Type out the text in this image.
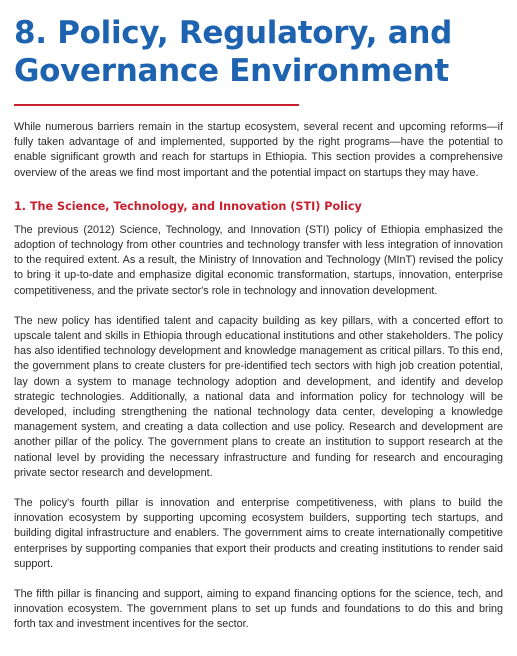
8. Policy, Regulatory, and Governance Environment

While numerous barriers remain in the startup ecosystem, several recent and upcoming reforms—if fully taken advantage of and implemented, supported by the right programs—have the potential to enable significant growth and reach for startups in Ethiopia. This section provides a comprehensive overview of the areas we find most important and the potential impact on startups they may have.

1. The Science, Technology, and Innovation (STI) Policy

The previous (2012) Science, Technology, and Innovation (STI) policy of Ethiopia emphasized the adoption of technology from other countries and technology transfer with less integration of innovation to the required extent. As a result, the Ministry of Innovation and Technology (MInT) revised the policy to bring it up-to-date and emphasize digital economic transformation, startups, innovation, enterprise competitiveness, and the private sector's role in technology and innovation development.

The new policy has identified talent and capacity building as key pillars, with a concerted effort to upscale talent and skills in Ethiopia through educational institutions and other stakeholders. The policy has also identified technology development and knowledge management as critical pillars. To this end, the government plans to create clusters for pre-identified tech sectors with high job creation potential, lay down a system to manage technology adoption and development, and identify and develop strategic technologies. Additionally, a national data and information policy for technology will be developed, including strengthening the national technology data center, developing a knowledge management system, and creating a data collection and use policy. Research and development are another pillar of the policy. The government plans to create an institution to support research at the national level by providing the necessary infrastructure and funding for research and encouraging private sector research and development.

The policy's fourth pillar is innovation and enterprise competitiveness, with plans to build the innovation ecosystem by supporting upcoming ecosystem builders, supporting tech startups, and building digital infrastructure and enablers. The government aims to create internationally competitive enterprises by supporting companies that export their products and creating institutions to render said support.

The fifth pillar is financing and support, aiming to expand financing options for the science, tech, and innovation ecosystem. The government plans to set up funds and foundations to do this and bring forth tax and investment incentives for the sector.
